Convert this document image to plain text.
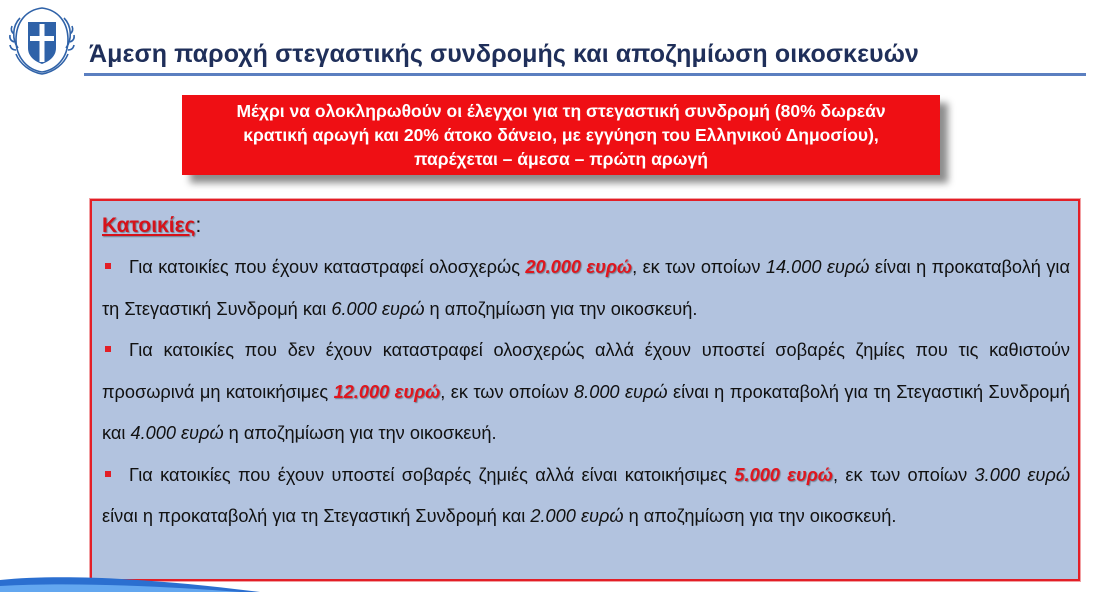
Άμεση παροχή στεγαστικής συνδρομής και αποζημίωση οικοσκευών
Μέχρι να ολοκληρωθούν οι έλεγχοι για τη στεγαστική συνδρομή (80% δωρεάν
κρατική αρωγή και 20% άτοκο δάνειο, με εγγύηση του Ελληνικού Δημοσίου),
παρέχεται – άμεσα – πρώτη αρωγή
Κατοικίες:
Για κατοικίες που έχουν καταστραφεί ολοσχερώς 20.000 ευρώ, εκ των οποίων 14.000 ευρώ είναι η προκαταβολή για τη Στεγαστική Συνδρομή και 6.000 ευρώ η αποζημίωση για την οικοσκευή.
Για κατοικίες που δεν έχουν καταστραφεί ολοσχερώς αλλά έχουν υποστεί σοβαρές ζημίες που τις καθιστούν προσωρινά μη κατοικήσιμες 12.000 ευρώ, εκ των οποίων 8.000 ευρώ είναι η προκαταβολή για τη Στεγαστική Συνδρομή και 4.000 ευρώ η αποζημίωση για την οικοσκευή.
Για κατοικίες που έχουν υποστεί σοβαρές ζημιές αλλά είναι κατοικήσιμες 5.000 ευρώ, εκ των οποίων 3.000 ευρώ είναι η προκαταβολή για τη Στεγαστική Συνδρομή και 2.000 ευρώ η αποζημίωση για την οικοσκευή.
